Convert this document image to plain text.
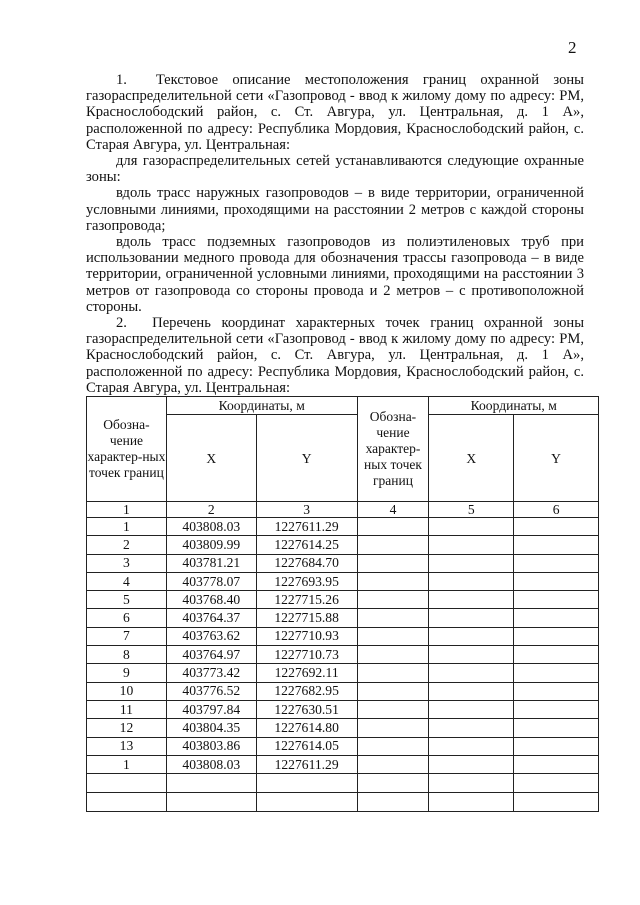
2

1.  Текстовое описание местоположения границ охранной зоны газораспределительной сети «Газопровод - ввод к жилому дому по адресу: РМ, Краснослободский район, с. Ст. Авгура, ул. Центральная, д. 1 А», расположенной по адресу: Республика Мордовия, Краснослободский район, с. Старая Авгура, ул. Центральная:

для газораспределительных сетей устанавливаются следующие охранные зоны:

вдоль трасс наружных газопроводов – в виде территории, ограниченной условными линиями, проходящими на расстоянии 2 метров с каждой стороны газопровода;

вдоль трасс подземных газопроводов из полиэтиленовых труб при использовании медного провода для обозначения трассы газопровода – в виде территории, ограниченной условными линиями, проходящими на расстоянии 3 метров от газопровода со стороны провода и 2 метров – с противоположной стороны.

2.  Перечень координат характерных точек границ охранной зоны газораспределительной сети «Газопровод - ввод к жилому дому по адресу: РМ, Краснослободский район, с. Ст. Авгура, ул. Центральная, д. 1 А», расположенной по адресу: Республика Мордовия, Краснослободский район, с. Старая Авгура, ул. Центральная:

Обозна-чение характер-ных точек границ	Координаты, м		Обозна-чение характер-ных точек границ	Координаты, м	
	X	Y		X	Y
1	2	3	4	5	6
1	403808.03	1227611.29			
2	403809.99	1227614.25			
3	403781.21	1227684.70			
4	403778.07	1227693.95			
5	403768.40	1227715.26			
6	403764.37	1227715.88			
7	403763.62	1227710.93			
8	403764.97	1227710.73			
9	403773.42	1227692.11			
10	403776.52	1227682.95			
11	403797.84	1227630.51			
12	403804.35	1227614.80			
13	403803.86	1227614.05			
1	403808.03	1227611.29			
